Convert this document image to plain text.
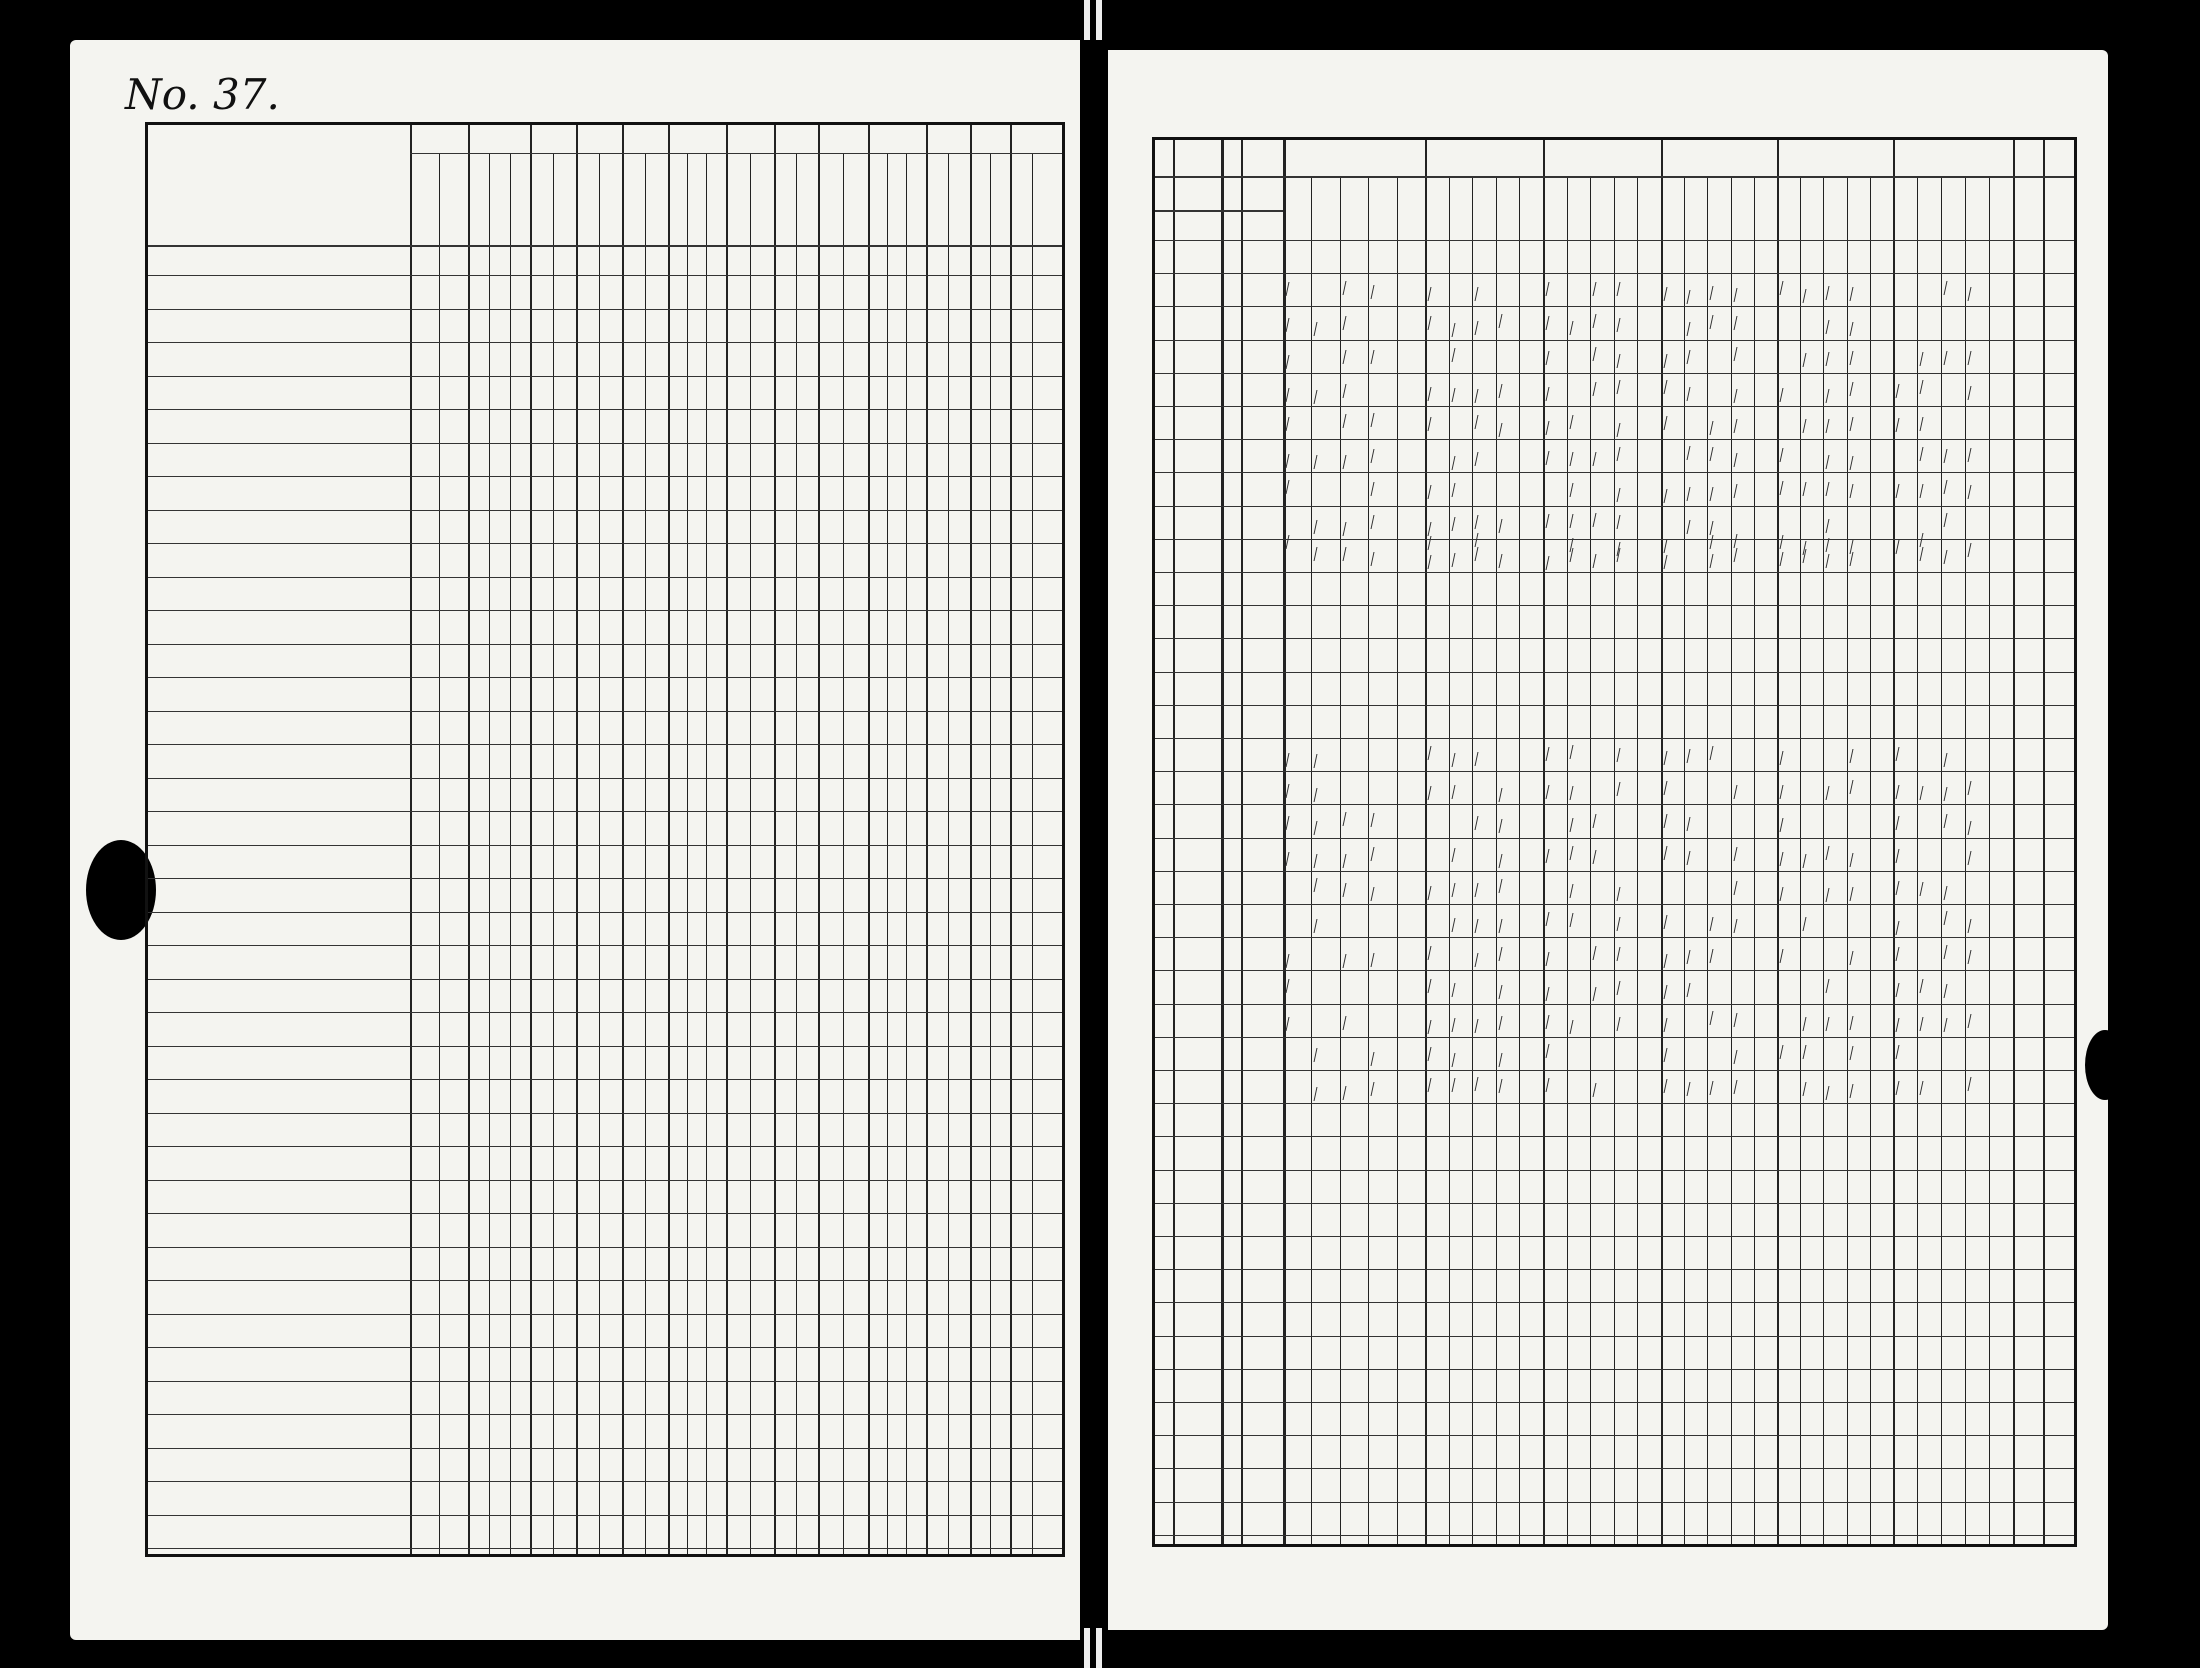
No. 37.
